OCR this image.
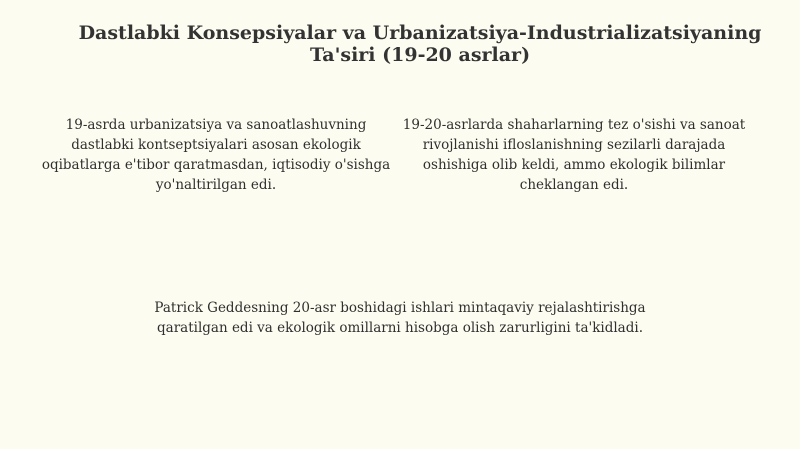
Dastlabki Konsepsiyalar va Urbanizatsiya-Industrializatsiyaning Ta'siri (19-20 asrlar)

19-asrda urbanizatsiya va sanoatlashuvning dastlabki kontseptsiyalari asosan ekologik oqibatlarga e'tibor qaratmasdan, iqtisodiy o'sishga yo'naltirilgan edi.

19-20-asrlarda shaharlarning tez o'sishi va sanoat rivojlanishi ifloslanishning sezilarli darajada oshishiga olib keldi, ammo ekologik bilimlar cheklangan edi.

Patrick Geddesning 20-asr boshidagi ishlari mintaqaviy rejalashtirishga qaratilgan edi va ekologik omillarni hisobga olish zarurligini ta'kidladi.
